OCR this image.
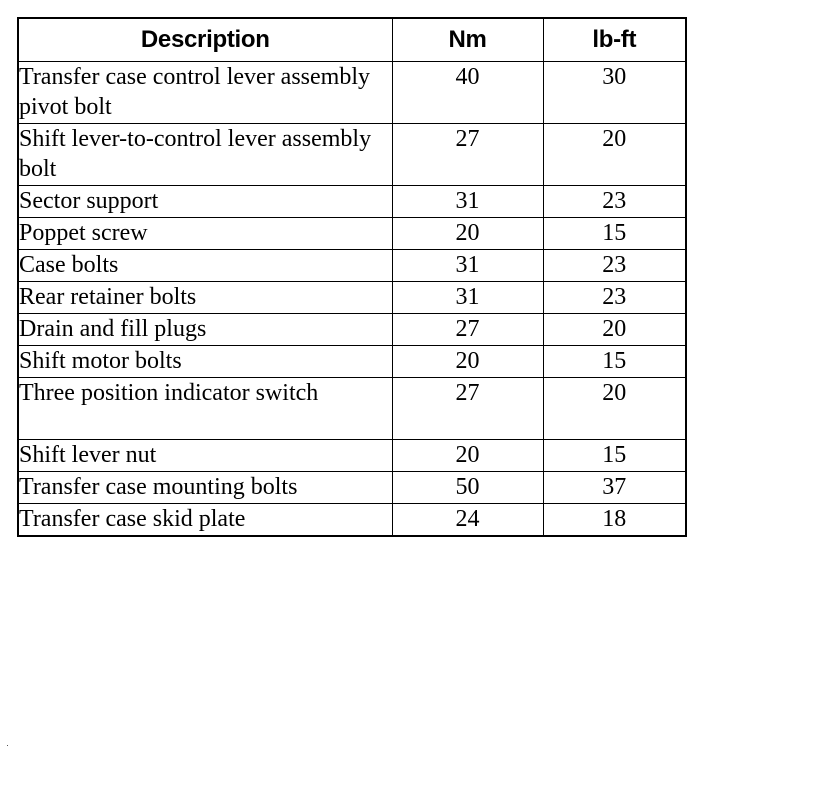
Description	Nm	lb-ft
Transfer case control lever assembly pivot bolt	40	30
Shift lever-to-control lever assembly bolt	27	20
Sector support	31	23
Poppet screw	20	15
Case bolts	31	23
Rear retainer bolts	31	23
Drain and fill plugs	27	20
Shift motor bolts	20	15
Three position indicator switch	27	20
Shift lever nut	20	15
Transfer case mounting bolts	50	37
Transfer case skid plate	24	18
